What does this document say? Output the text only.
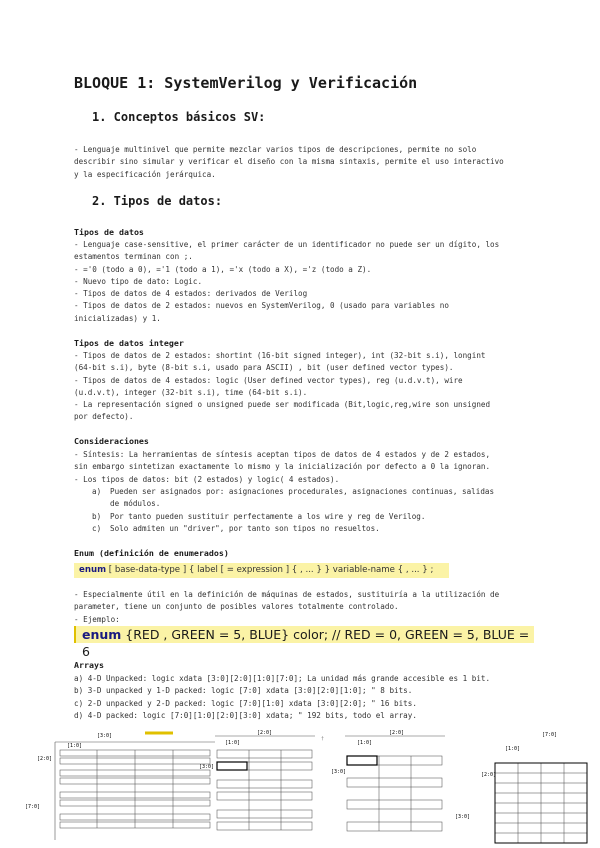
BLOQUE 1: SystemVerilog y Verificación
1. Conceptos básicos SV:
- Lenguaje multinivel que permite mezclar varios tipos de descripciones, permite no solo
describir sino simular y verificar el diseño con la misma sintaxis, permite el uso interactivo
y la especificación jerárquica.
2. Tipos de datos:
Tipos de datos
- Lenguaje case-sensitive, el primer carácter de un identificador no puede ser un dígito, los
estamentos terminan con ;.
- ='0 (todo a 0), ='1 (todo a 1), ='x (todo a X), ='z (todo a Z).
- Nuevo tipo de dato: Logic.
- Tipos de datos de 4 estados: derivados de Verilog
- Tipos de datos de 2 estados: nuevos en SystemVerilog, 0 (usado para variables no
inicializadas) y 1.
Tipos de datos integer
- Tipos de datos de 2 estados: shortint (16-bit signed integer), int (32-bit s.i), longint
(64-bit s.i), byte (8-bit s.i, usado para ASCII) , bit (user defined vector types).
- Tipos de datos de 4 estados: logic (User defined vector types), reg (u.d.v.t), wire
(u.d.v.t), integer (32-bit s.i), time (64-bit s.i).
- La representación signed o unsigned puede ser modificada (Bit,logic,reg,wire son unsigned
por defecto).
Consideraciones
- Síntesis: La herramientas de síntesis aceptan tipos de datos de 4 estados y de 2 estados,
sin embargo sintetizan exactamente lo mismo y la inicialización por defecto a 0 la ignoran.
- Los tipos de datos: bit (2 estados) y logic( 4 estados).
a) Pueden ser asignados por: asignaciones procedurales, asignaciones continuas, salidas
de módulos.
b) Por tanto pueden sustituir perfectamente a los wire y reg de Verilog.
c) Solo admiten un "driver", por tanto son tipos no resueltos.
Enum (definición de enumerados)
enum [ base-data-type ] { label [ = expression ] { , ... } } variable-name { , ... } ;
- Especialmente útil en la definición de máquinas de estados, sustituiría a la utilización de
parameter, tiene un conjunto de posibles valores totalmente controlado.
- Ejemplo:
enum {RED , GREEN = 5, BLUE} color; // RED = 0, GREEN = 5, BLUE = 6
Arrays
a) 4-D Unpacked: logic xdata [3:0][2:0][1:0][7:0]; La unidad más grande accesible es 1 bit.
b) 3-D unpacked y 1-D packed: logic [7:0] xdata [3:0][2:0][1:0]; " 8 bits.
c) 2-D unpacked y 2-D packed: logic [7:0][1:0] xdata [3:0][2:0]; " 16 bits.
d) 4-D packed: logic [7:0][1:0][2:0][3:0] xdata; " 192 bits, todo el array.
[3:0]
[1:0]
[7:0]
[2:0]
[2:0]
[1:0]
[3:0]
†
[2:0]
[1:0]
[3:0]
[7:0]
[1:0]
[2:0]
[3:0]
